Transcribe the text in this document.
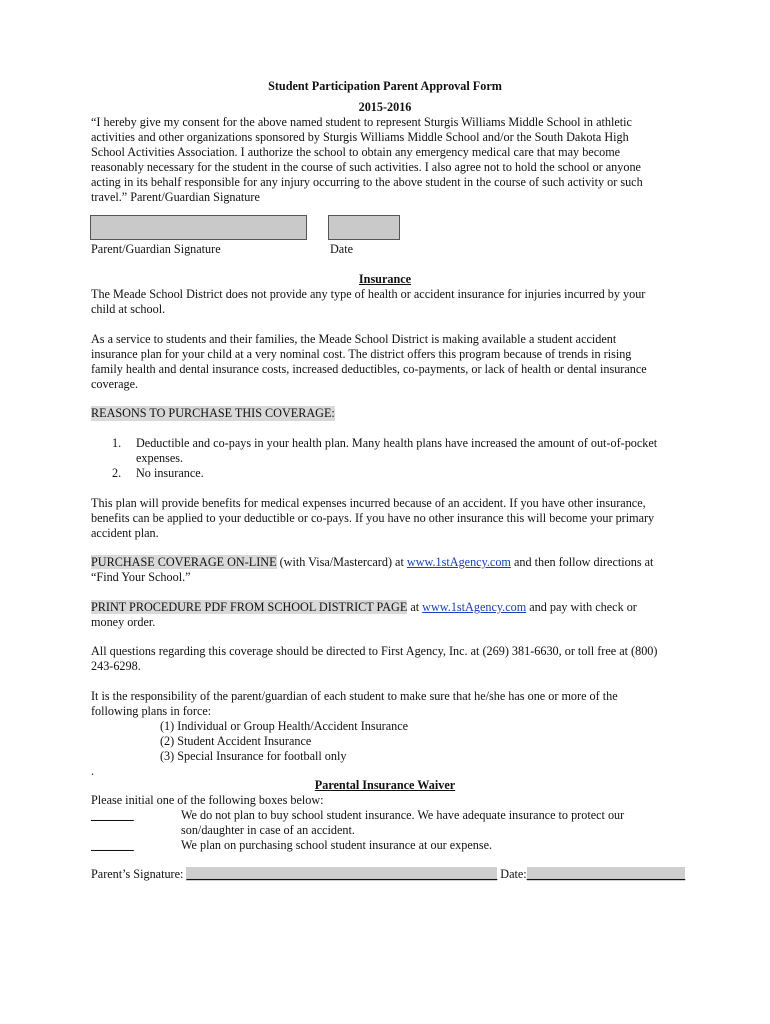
Student Participation Parent Approval Form
2015-2016
“I hereby give my consent for the above named student to represent Sturgis Williams Middle School in athletic
activities and other organizations sponsored by Sturgis Williams Middle School and/or the South Dakota High
School Activities Association. I authorize the school to obtain any emergency medical care that may become
reasonably necessary for the student in the course of such activities. I also agree not to hold the school or anyone
acting in its behalf responsible for any injury occurring to the above student in the course of such activity or such
travel.” Parent/Guardian Signature
Parent/Guardian Signature	Date
Insurance
The Meade School District does not provide any type of health or accident insurance for injuries incurred by your
child at school.
As a service to students and their families, the Meade School District is making available a student accident
insurance plan for your child at a very nominal cost. The district offers this program because of trends in rising
family health and dental insurance costs, increased deductibles, co-payments, or lack of health or dental insurance
coverage.
REASONS TO PURCHASE THIS COVERAGE:
1. Deductible and co-pays in your health plan. Many health plans have increased the amount of out-of-pocket
expenses.
2. No insurance.
This plan will provide benefits for medical expenses incurred because of an accident. If you have other insurance,
benefits can be applied to your deductible or co-pays. If you have no other insurance this will become your primary
accident plan.
PURCHASE COVERAGE ON-LINE (with Visa/Mastercard) at www.1stAgency.com and then follow directions at
“Find Your School.”
PRINT PROCEDURE PDF FROM SCHOOL DISTRICT PAGE at www.1stAgency.com and pay with check or
money order.
All questions regarding this coverage should be directed to First Agency, Inc. at (269) 381-6630, or toll free at (800)
243-6298.
It is the responsibility of the parent/guardian of each student to make sure that he/she has one or more of the
following plans in force:
(1) Individual or Group Health/Accident Insurance
(2) Student Accident Insurance
(3) Special Insurance for football only
.
Parental Insurance Waiver
Please initial one of the following boxes below:
_______	We do not plan to buy school student insurance. We have adequate insurance to protect our
son/daughter in case of an accident.
_______	We plan on purchasing school student insurance at our expense.
Parent’s Signature: ___________________________________________________ Date:__________________________
